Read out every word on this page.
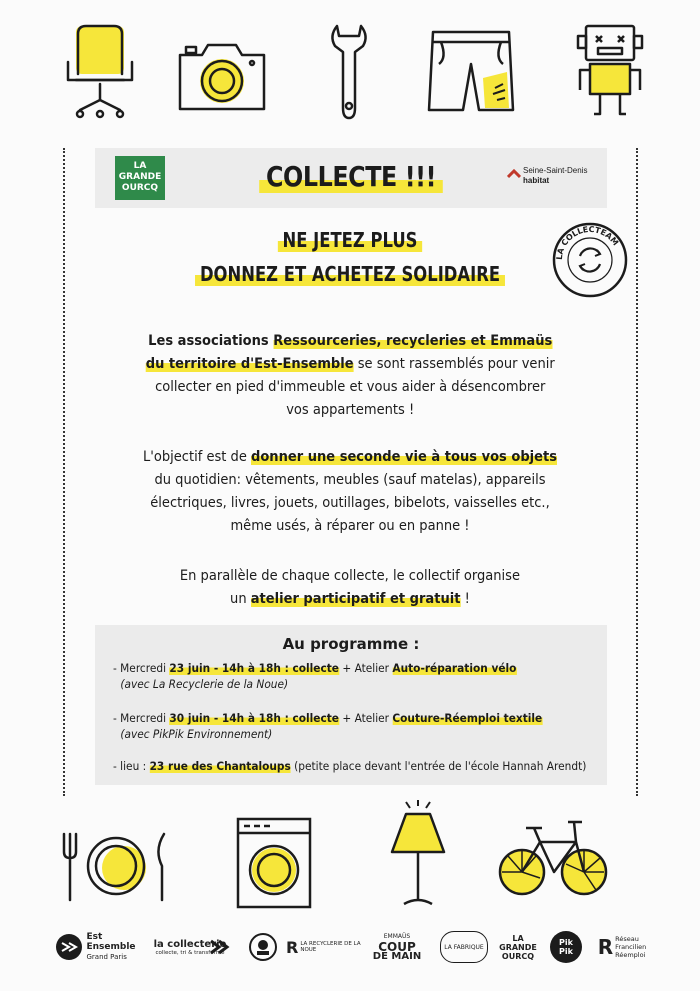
LA
GRANDE
OURCQ	COLLECTE !!!	Seine-Saint-Denis
habitat
NE JETEZ PLUS
DONNEZ ET ACHETEZ SOLIDAIRE
LA COLLECTEAM
Les associations Ressourceries, recycleries et Emmaüs
du territoire d'Est-Ensemble se sont rassemblés pour venir
collecter en pied d'immeuble et vous aider à désencombrer
vos appartements !
L'objectif est de donner une seconde vie à tous vos objets
du quotidien: vêtements, meubles (sauf matelas), appareils
électriques, livres, jouets, outillages, bibelots, vaisselles etc.,
même usés, à réparer ou en panne !
En parallèle de chaque collecte, le collectif organise
un atelier participatif et gratuit !
Au programme :
- Mercredi 23 juin - 14h à 18h : collecte + Atelier Auto-réparation vélo
(avec La Recyclerie de la Noue)
- Mercredi 30 juin - 14h à 18h : collecte + Atelier Couture-Réemploi textile
(avec PikPik Environnement)
- lieu : 23 rue des Chantaloups (petite place devant l'entrée de l'école Hannah Arendt)
Est
Ensemble
Grand Paris
la collecterie
collecte, tri & transforme	R LA RECYCLERIE DE LA NOUE
EMMAÜS
COUP
DE MAIN
LA FABRIQUE
LA
GRANDE
OURCQ
Pik
Pik R Réseau
Francilien
Réemploi
